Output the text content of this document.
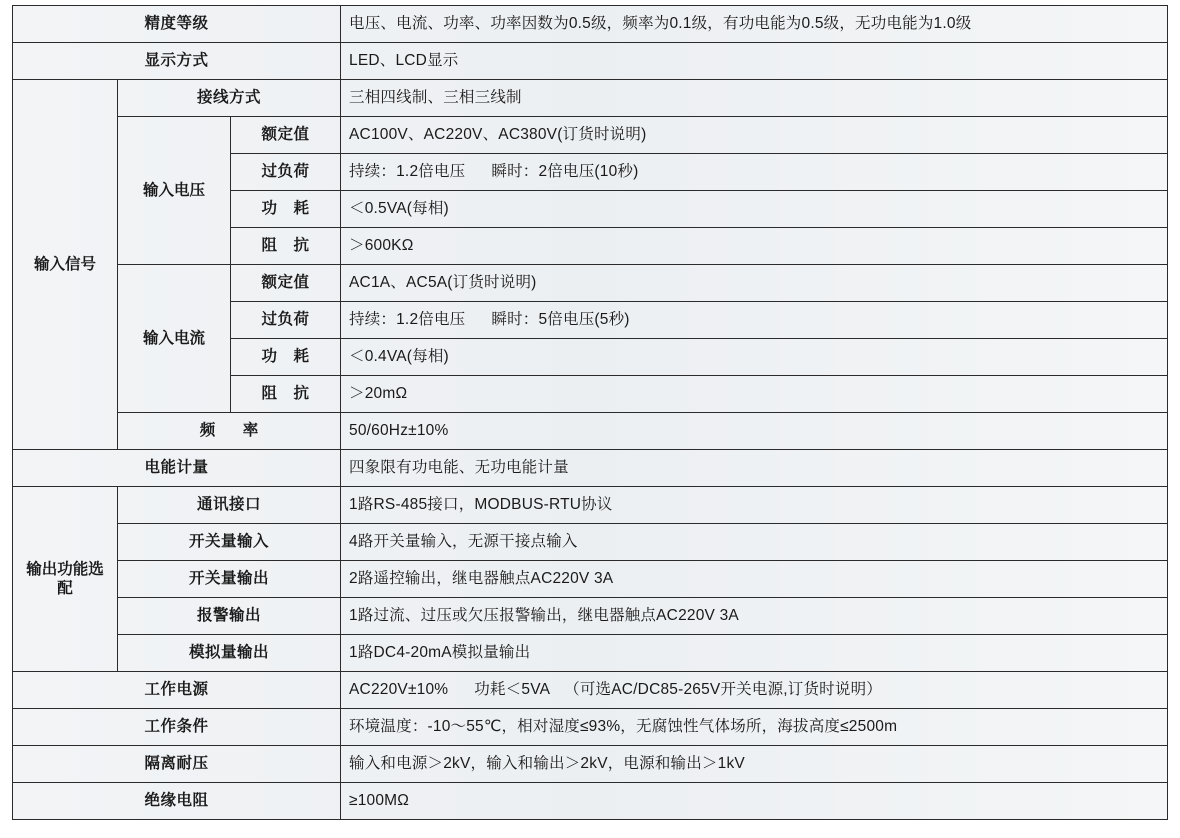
精度等级			电压、电流、功率、功率因数为0.5级，频率为0.1级，有功电能为0.5级，无功电能为1.0级
显示方式			LED、LCD显示
输入信号	接线方式		三相四线制、三相三线制
	输入电压	额定值	AC100V、AC220V、AC380V(订货时说明)
		过负荷	持续：1.2倍电压 瞬时：2倍电压(10秒)
		功　耗	＜0.5VA(每相)
		阻　抗	＞600KΩ
	输入电流	额定值	AC1A、AC5A(订货时说明)
		过负荷	持续：1.2倍电压 瞬时：5倍电压(5秒)
		功　耗	＜0.4VA(每相)
		阻　抗	＞20mΩ
	频　率		50/60Hz±10%
电能计量			四象限有功电能、无功电能计量
输出功能选配	通讯接口		1路RS-485接口，MODBUS-RTU协议
	开关量输入		4路开关量输入，无源干接点输入
	开关量输出		2路遥控输出，继电器触点AC220V 3A
	报警输出		1路过流、过压或欠压报警输出，继电器触点AC220V 3A
	模拟量输出		1路DC4-20mA模拟量输出
工作电源			AC220V±10% 功耗＜5VA （可选AC/DC85-265V开关电源,订货时说明）
工作条件			环境温度：-10～55℃，相对湿度≤93%，无腐蚀性气体场所，海拔高度≤2500m
隔离耐压			输入和电源＞2kV，输入和输出＞2kV，电源和输出＞1kV
绝缘电阻			≥100MΩ
